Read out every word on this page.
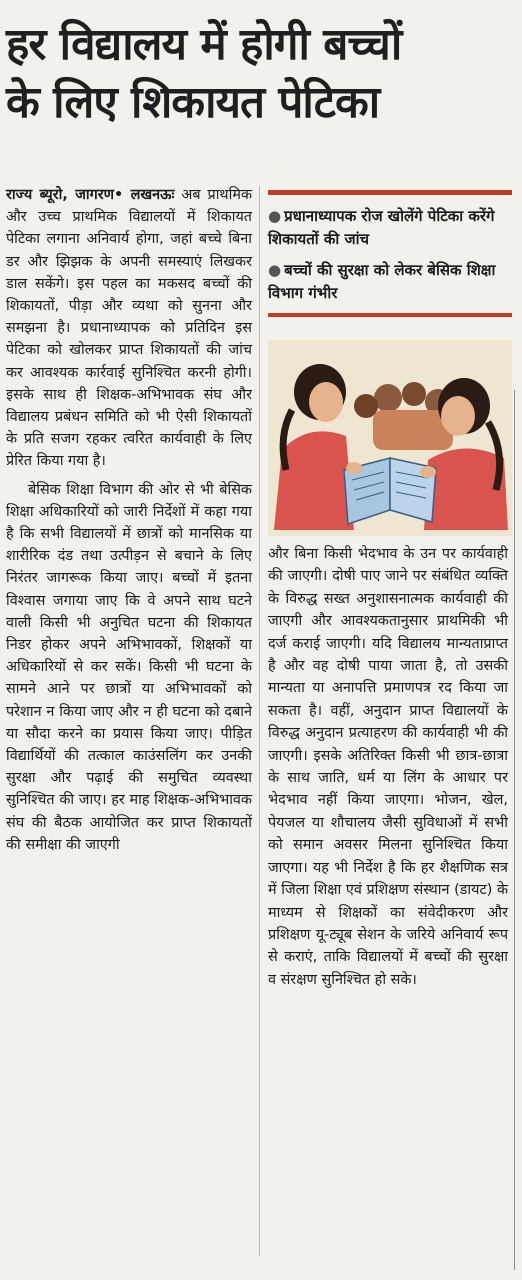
हर विद्यालय में होगी बच्चों
के लिए शिकायत पेटिका

राज्य ब्यूरो, जागरण• लखनऊः अब प्राथमिक और उच्च प्राथमिक विद्यालयों में शिकायत पेटिका लगाना अनिवार्य होगा, जहां बच्चे बिना डर और झिझक के अपनी समस्याएं लिखकर डाल सकेंगे। इस पहल का मकसद बच्चों की शिकायतों, पीड़ा और व्यथा को सुनना और समझना है। प्रधानाध्यापक को प्रतिदिन इस पेटिका को खोलकर प्राप्त शिकायतों की जांच कर आवश्यक कार्रवाई सुनिश्चित करनी होगी। इसके साथ ही शिक्षक-अभिभावक संघ और विद्यालय प्रबंधन समिति को भी ऐसी शिकायतों के प्रति सजग रहकर त्वरित कार्यवाही के लिए प्रेरित किया गया है।

बेसिक शिक्षा विभाग की ओर से भी बेसिक शिक्षा अधिकारियों को जारी निर्देशों में कहा गया है कि सभी विद्यालयों में छात्रों को मानसिक या शारीरिक दंड तथा उत्पीड़न से बचाने के लिए निरंतर जागरूक किया जाए। बच्चों में इतना विश्वास जगाया जाए कि वे अपने साथ घटने वाली किसी भी अनुचित घटना की शिकायत निडर होकर अपने अभिभावकों, शिक्षकों या अधिकारियों से कर सकें। किसी भी घटना के सामने आने पर छात्रों या अभिभावकों को परेशान न किया जाए और न ही घटना को दबाने या सौदा करने का प्रयास किया जाए। पीड़ित विद्यार्थियों की तत्काल काउंसलिंग कर उनकी सुरक्षा और पढ़ाई की समुचित व्यवस्था सुनिश्चित की जाए। हर माह शिक्षक-अभिभावक संघ की बैठक आयोजित कर प्राप्त शिकायतों की समीक्षा की जाएगी

● प्रधानाध्यापक रोज खोलेंगे पेटिका करेंगे शिकायतों की जांच
● बच्चों की सुरक्षा को लेकर बेसिक शिक्षा विभाग गंभीर

और बिना किसी भेदभाव के उन पर कार्यवाही की जाएगी। दोषी पाए जाने पर संबंधित व्यक्ति के विरुद्ध सख्त अनुशासनात्मक कार्यवाही की जाएगी और आवश्यकतानुसार प्राथमिकी भी दर्ज कराई जाएगी। यदि विद्यालय मान्यताप्राप्त है और वह दोषी पाया जाता है, तो उसकी मान्यता या अनापत्ति प्रमाणपत्र रद किया जा सकता है। वहीं, अनुदान प्राप्त विद्यालयों के विरुद्ध अनुदान प्रत्याहरण की कार्यवाही भी की जाएगी। इसके अतिरिक्त किसी भी छात्र-छात्रा के साथ जाति, धर्म या लिंग के आधार पर भेदभाव नहीं किया जाएगा। भोजन, खेल, पेयजल या शौचालय जैसी सुविधाओं में सभी को समान अवसर मिलना सुनिश्चित किया जाएगा। यह भी निर्देश है कि हर शैक्षणिक सत्र में जिला शिक्षा एवं प्रशिक्षण संस्थान (डायट) के माध्यम से शिक्षकों का संवेदीकरण और प्रशिक्षण यू-ट्यूब सेशन के जरिये अनिवार्य रूप से कराएं, ताकि विद्यालयों में बच्चों की सुरक्षा व संरक्षण सुनिश्चित हो सके।
